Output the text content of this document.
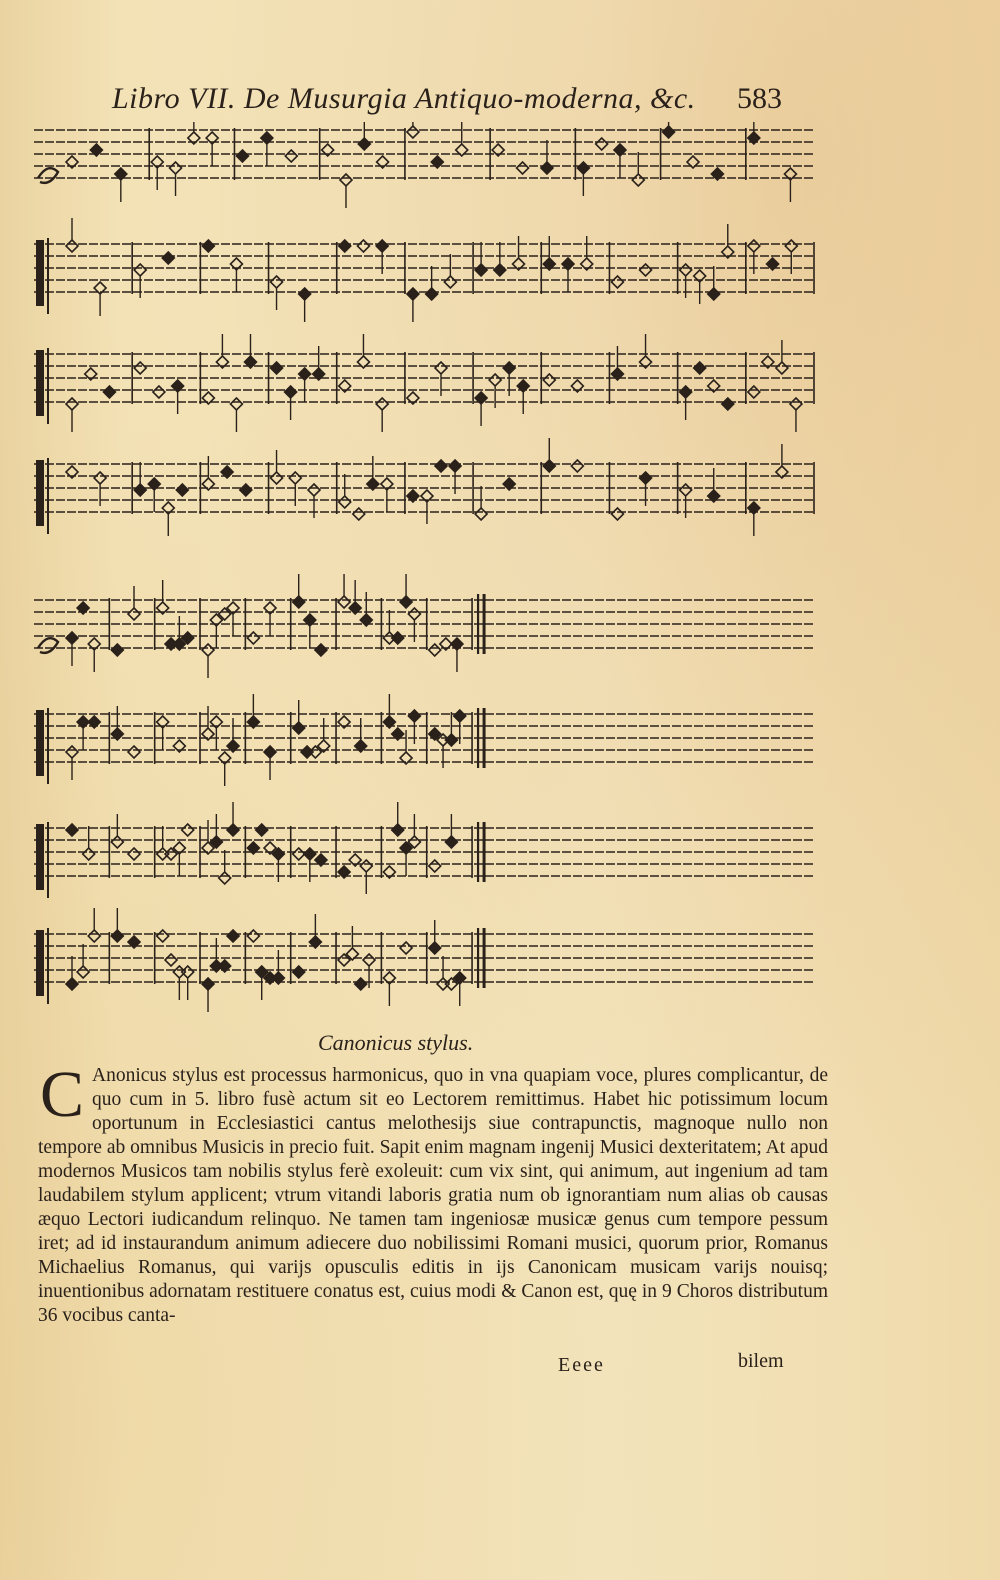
Libro VII. De Musurgia Antiquo-moderna, &c.	583
Canonicus stylus.

C Anonicus stylus est processus harmonicus, quo in vna quapiam voce, plures complicantur, de quo cum in 5. libro fusè actum sit eo Lectorem remittimus. Habet hic potissimum locum oportunum in Ecclesiastici cantus melothesijs siue contrapunctis, magnoque nullo non tempore ab omnibus Musicis in precio fuit. Sapit enim magnam ingenij Musici dexteritatem; At apud modernos Musicos tam nobilis stylus ferè exoleuit: cum vix sint, qui animum, aut ingenium ad tam laudabilem stylum applicent; vtrum vitandi laboris gratia num ob ignorantiam num alias ob causas æquo Lectori iudicandum relinquo. Ne tamen tam ingeniosæ musicæ genus cum tempore pessum iret; ad id instaurandum animum adiecere duo nobilissimi Romani musici, quorum prior, Romanus Michaelius Romanus, qui varijs opusculis editis in ijs Canonicam musicam varijs nouisq; inuentionibus adornatam restituere conatus est, cuius modi & Canon est, quę in 9 Choros distributum 36 vocibus canta-

Eeee	bilem
